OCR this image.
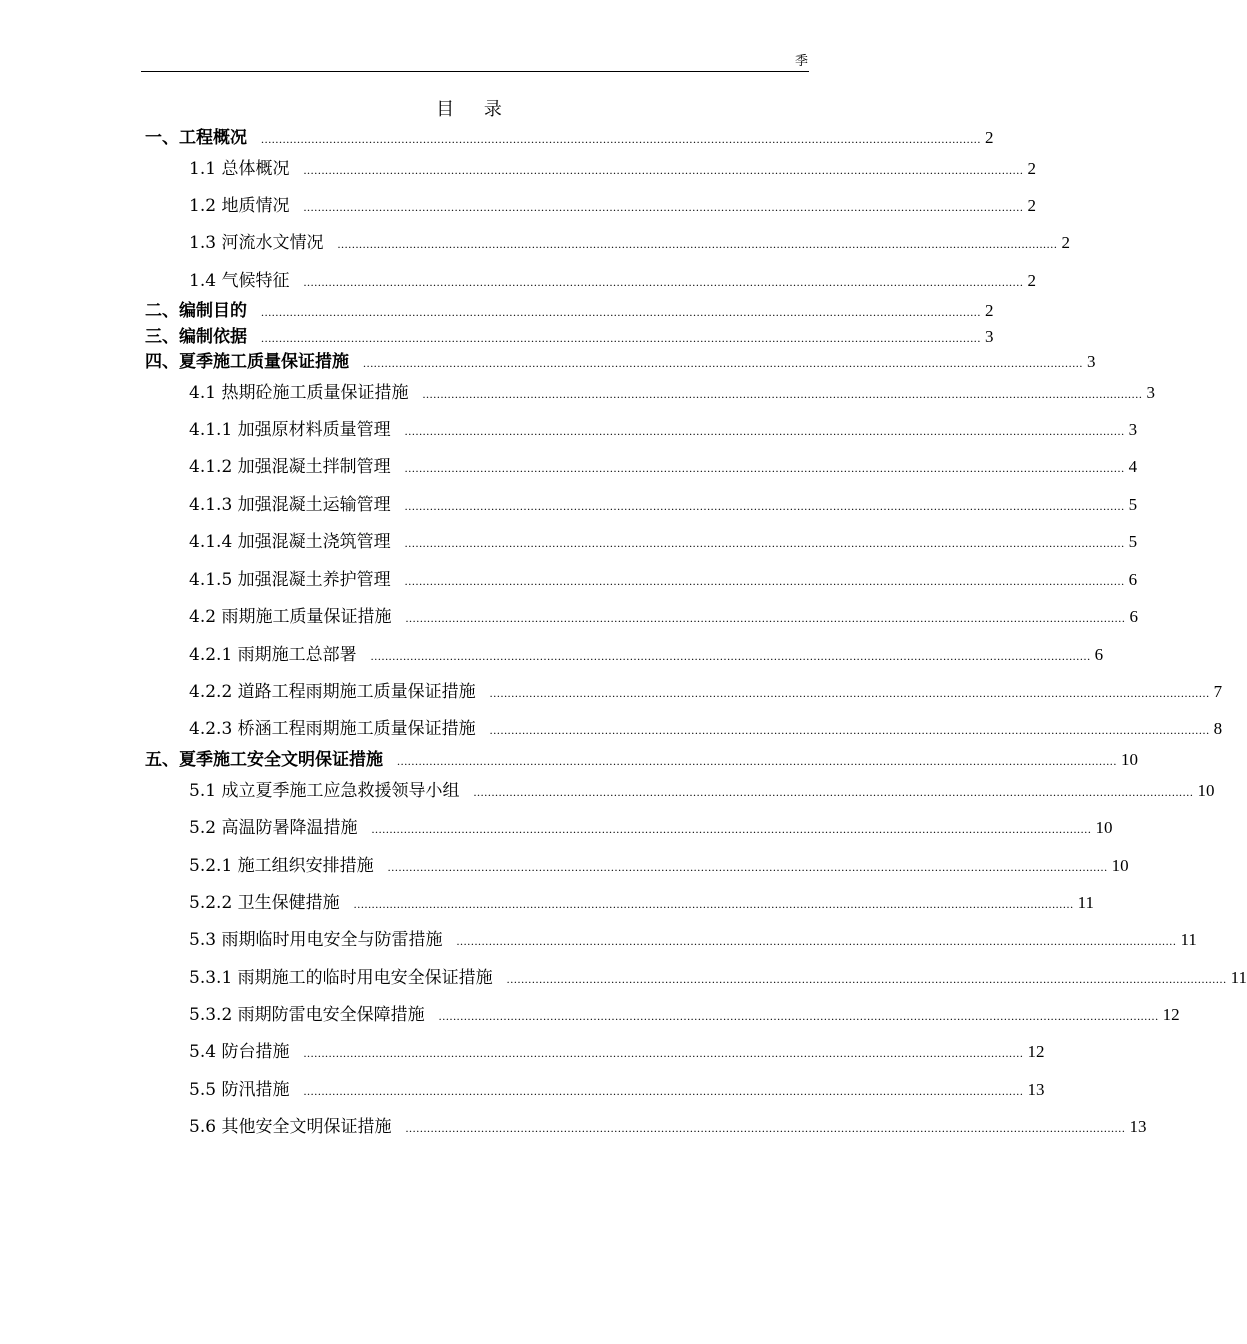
季
目 录
一、工程概况 ........................................................................................................................................................................................................ 2
1.1 总体概况 ........................................................................................................................................................................................................ 2
1.2 地质情况 ........................................................................................................................................................................................................ 2
1.3 河流水文情况 ........................................................................................................................................................................................................ 2
1.4 气候特征 ........................................................................................................................................................................................................ 2
二、编制目的 ........................................................................................................................................................................................................ 2
三、编制依据 ........................................................................................................................................................................................................ 3
四、夏季施工质量保证措施 ........................................................................................................................................................................................................ 3
4.1 热期砼施工质量保证措施 ........................................................................................................................................................................................................ 3
4.1.1 加强原材料质量管理 ........................................................................................................................................................................................................ 3
4.1.2 加强混凝土拌制管理 ........................................................................................................................................................................................................ 4
4.1.3 加强混凝土运输管理 ........................................................................................................................................................................................................ 5
4.1.4 加强混凝土浇筑管理 ........................................................................................................................................................................................................ 5
4.1.5 加强混凝土养护管理 ........................................................................................................................................................................................................ 6
4.2 雨期施工质量保证措施 ........................................................................................................................................................................................................ 6
4.2.1 雨期施工总部署 ........................................................................................................................................................................................................ 6
4.2.2 道路工程雨期施工质量保证措施 ........................................................................................................................................................................................................ 7
4.2.3 桥涵工程雨期施工质量保证措施 ........................................................................................................................................................................................................ 8
五、夏季施工安全文明保证措施 ........................................................................................................................................................................................................ 10
5.1 成立夏季施工应急救援领导小组 ........................................................................................................................................................................................................ 10
5.2 高温防暑降温措施 ........................................................................................................................................................................................................ 10
5.2.1 施工组织安排措施 ........................................................................................................................................................................................................ 10
5.2.2 卫生保健措施 ........................................................................................................................................................................................................ 11
5.3 雨期临时用电安全与防雷措施 ........................................................................................................................................................................................................ 11
5.3.1 雨期施工的临时用电安全保证措施 ........................................................................................................................................................................................................ 11
5.3.2 雨期防雷电安全保障措施 ........................................................................................................................................................................................................ 12
5.4 防台措施 ........................................................................................................................................................................................................ 12
5.5 防汛措施 ........................................................................................................................................................................................................ 13
5.6 其他安全文明保证措施 ........................................................................................................................................................................................................ 13
